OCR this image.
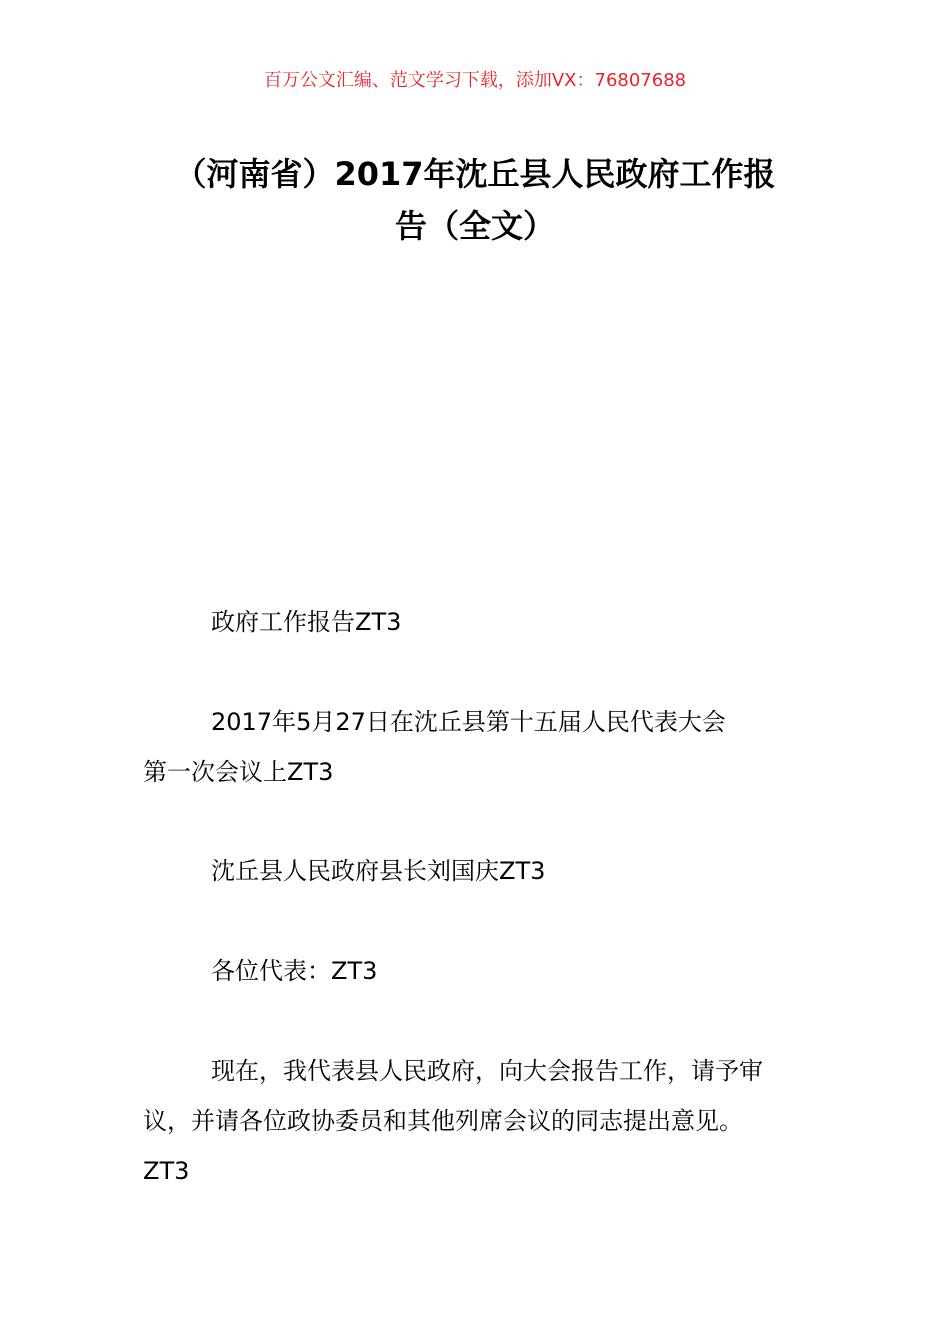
百万公文汇编、范文学习下载，添加VX：76807688
（河南省）2017年沈丘县人民政府工作报
告（全文）

政府工作报告ZT3

2017年5月27日在沈丘县第十五届人民代表大会
第一次会议上ZT3

沈丘县人民政府县长刘国庆ZT3

各位代表：ZT3

现在，我代表县人民政府，向大会报告工作，请予审
议，并请各位政协委员和其他列席会议的同志提出意见。
ZT3
